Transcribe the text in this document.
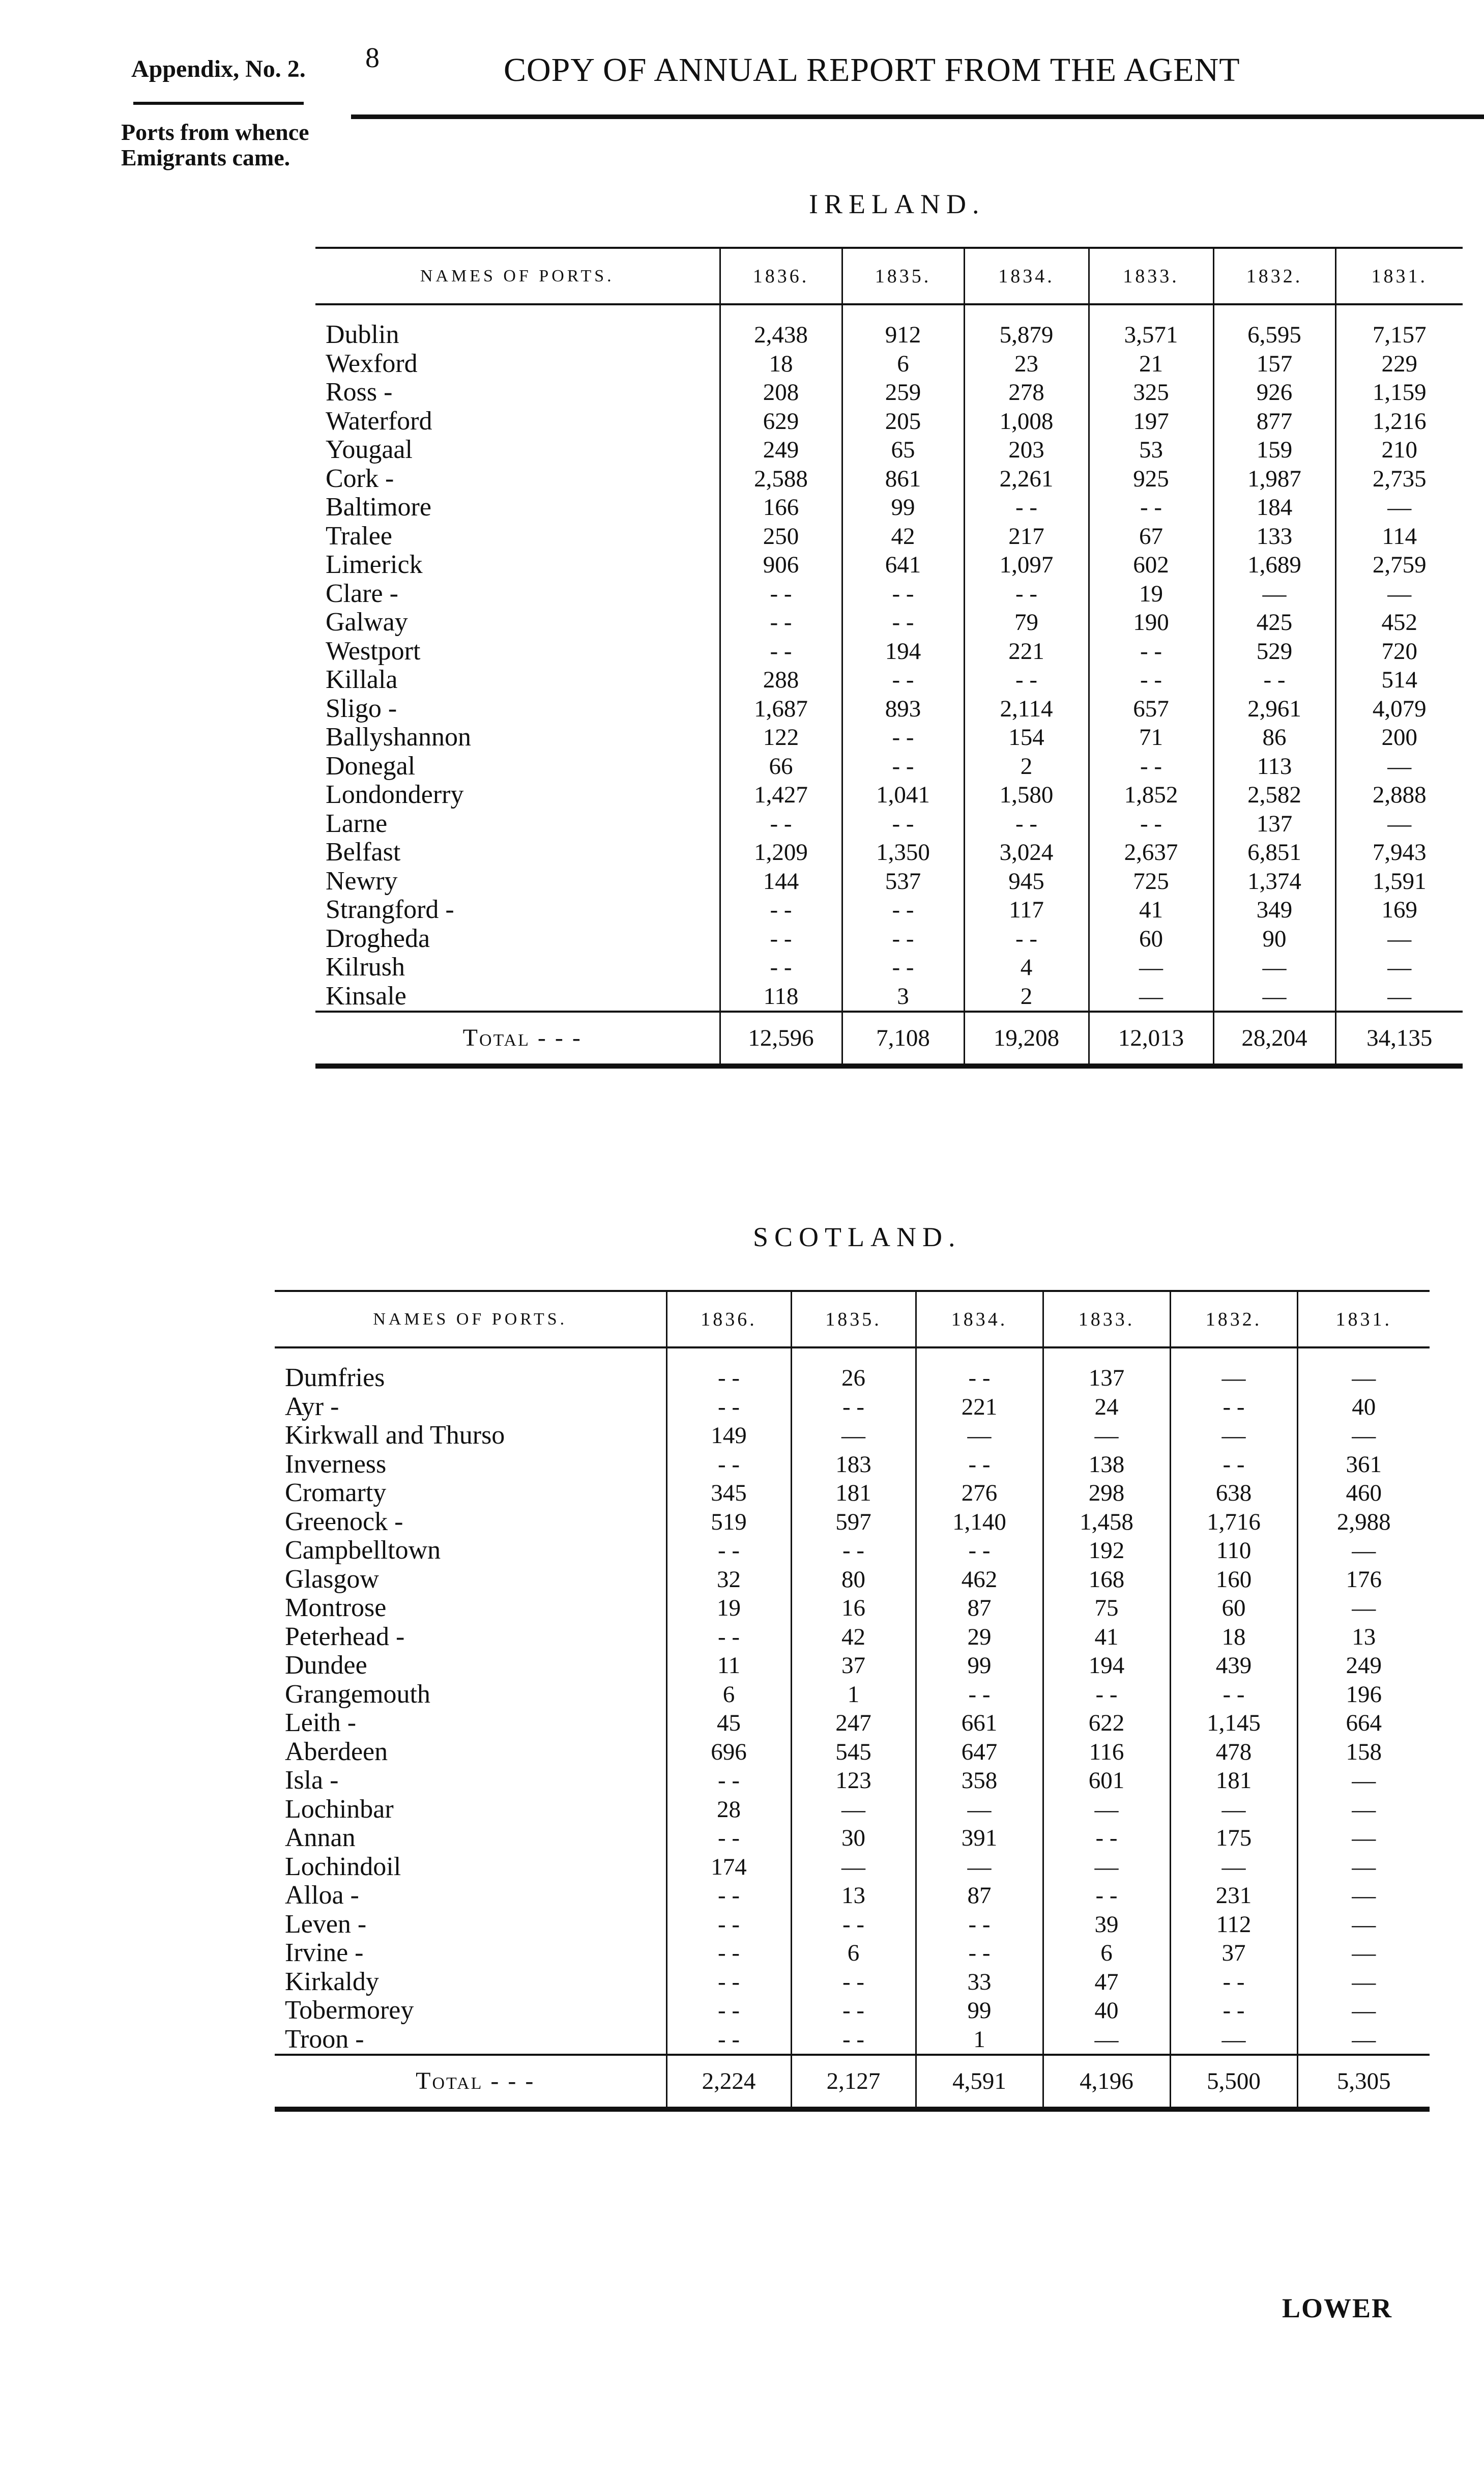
Appendix, No. 2. 8	COPY OF ANNUAL REPORT FROM THE AGENT
Ports from whence
Emigrants came.
IRELAND.
NAMES OF PORTS.	1836.	1835.	1834.	1833.	1832.	1831.

Dublin	2,438	912	5,879	3,571	6,595	7,157
Wexford	18	6	23	21	157	229
Ross -	208	259	278	325	926	1,159
Waterford	629	205	1,008	197	877	1,216
Yougaal	249	65	203	53	159	210
Cork -	2,588	861	2,261	925	1,987	2,735
Baltimore	166	99	- -	- -	184	—
Tralee	250	42	217	67	133	114
Limerick	906	641	1,097	602	1,689	2,759
Clare -	- -	- -	- -	19	—	—
Galway	- -	- -	79	190	425	452
Westport	- -	194	221	- -	529	720
Killala	288	- -	- -	- -	- -	514
Sligo -	1,687	893	2,114	657	2,961	4,079
Ballyshannon	122	- -	154	71	86	200
Donegal	66	- -	2	- -	113	—
Londonderry	1,427	1,041	1,580	1,852	2,582	2,888
Larne	- -	- -	- -	- -	137	—
Belfast	1,209	1,350	3,024	2,637	6,851	7,943
Newry	144	537	945	725	1,374	1,591
Strangford -	- -	- -	117	41	349	169
Drogheda	- -	- -	- -	60	90	—
Kilrush	- -	- -	4	—	—	—
Kinsale	118	3	2	—	—	—
Total - - -	12,596	7,108	19,208	12,013	28,204	34,135
SCOTLAND.
NAMES OF PORTS.	1836.	1835.	1834.	1833.	1832.	1831.

Dumfries	- -	26	- -	137	—	—
Ayr -	- -	- -	221	24	- -	40
Kirkwall and Thurso	149	—	—	—	—	—
Inverness	- -	183	- -	138	- -	361
Cromarty	345	181	276	298	638	460
Greenock -	519	597	1,140	1,458	1,716	2,988
Campbelltown	- -	- -	- -	192	110	—
Glasgow	32	80	462	168	160	176
Montrose	19	16	87	75	60	—
Peterhead -	- -	42	29	41	18	13
Dundee	11	37	99	194	439	249
Grangemouth	6	1	- -	- -	- -	196
Leith -	45	247	661	622	1,145	664
Aberdeen	696	545	647	116	478	158
Isla -	- -	123	358	601	181	—
Lochinbar	28	—	—	—	—	—
Annan	- -	30	391	- -	175	—
Lochindoil	174	—	—	—	—	—
Alloa -	- -	13	87	- -	231	—
Leven -	- -	- -	- -	39	112	—
Irvine -	- -	6	- -	6	37	—
Kirkaldy	- -	- -	33	47	- -	—
Tobermorey	- -	- -	99	40	- -	—
Troon -	- -	- -	1	—	—	—
Total - - -	2,224	2,127	4,591	4,196	5,500	5,305
LOWER
